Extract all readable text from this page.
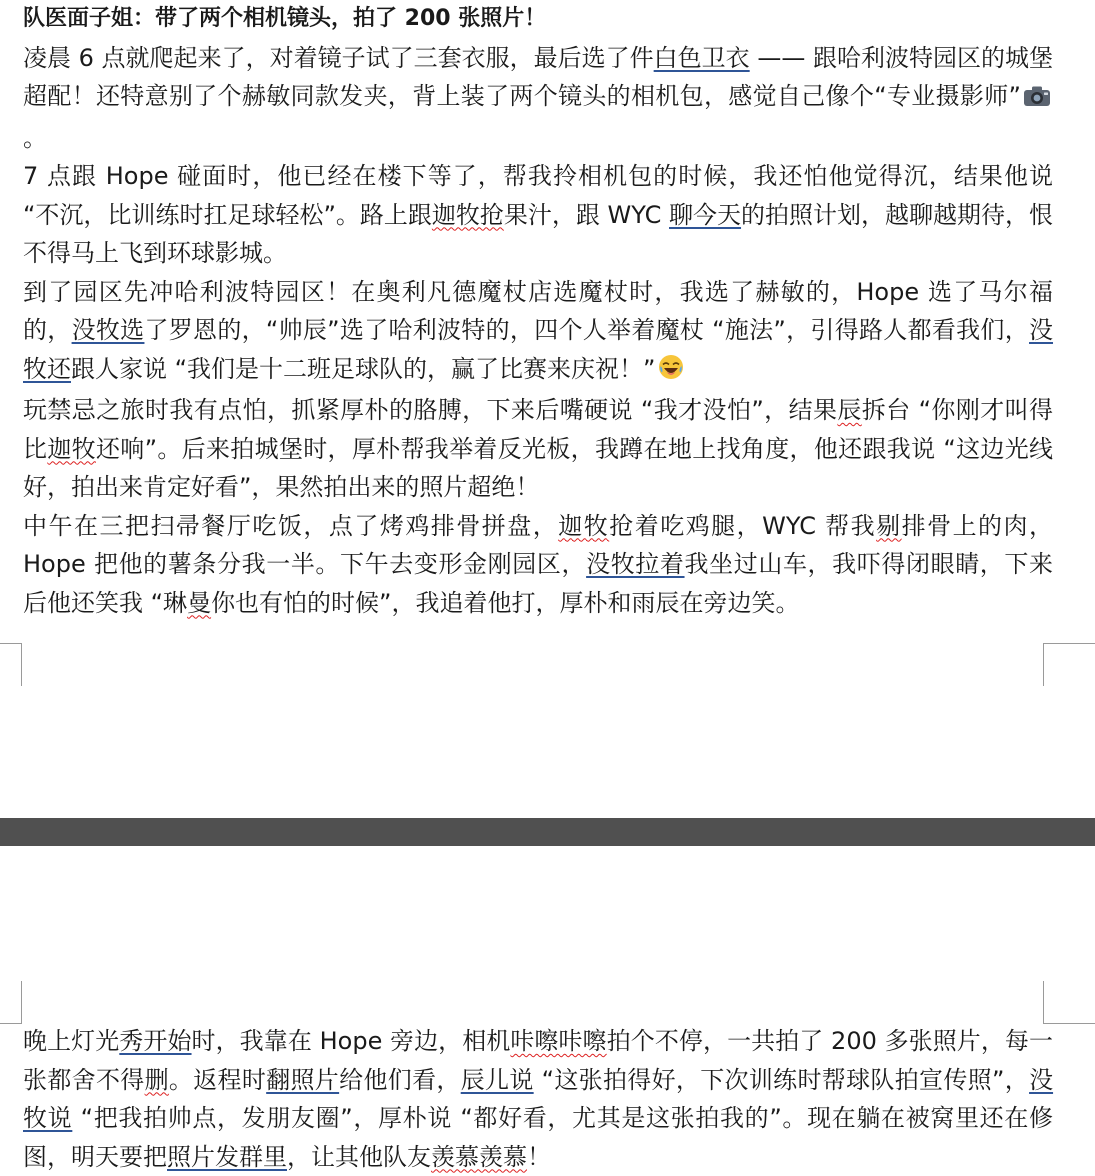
队医面子姐：带了两个相机镜头，拍了 200 张照片！

凌晨 6 点就爬起来了，对着镜子试了三套衣服，最后选了件白色卫衣 —— 跟哈利波特园区的城堡超配！还特意别了个赫敏同款发夹，背上装了两个镜头的相机包，感觉自己像个“专业摄影师”。

7 点跟 Hope 碰面时，他已经在楼下等了，帮我拎相机包的时候，我还怕他觉得沉，结果他说 “不沉，比训练时扛足球轻松”。路上跟迦牧抢果汁，跟 WYC 聊今天的拍照计划，越聊越期待，恨不得马上飞到环球影城。

到了园区先冲哈利波特园区！在奥利凡德魔杖店选魔杖时，我选了赫敏的，Hope 选了马尔福的，没牧选了罗恩的，“帅辰”选了哈利波特的，四个人举着魔杖 “施法”，引得路人都看我们，没牧还跟人家说 “我们是十二班足球队的，赢了比赛来庆祝！”

玩禁忌之旅时我有点怕，抓紧厚朴的胳膊，下来后嘴硬说 “我才没怕”，结果辰拆台 “你刚才叫得比迦牧还响”。后来拍城堡时，厚朴帮我举着反光板，我蹲在地上找角度，他还跟我说 “这边光线好，拍出来肯定好看”，果然拍出来的照片超绝！

中午在三把扫帚餐厅吃饭，点了烤鸡排骨拼盘，迦牧抢着吃鸡腿，WYC 帮我剔排骨上的肉，Hope 把他的薯条分我一半。下午去变形金刚园区，没牧拉着我坐过山车，我吓得闭眼睛，下来后他还笑我 “琳曼你也有怕的时候”，我追着他打，厚朴和雨辰在旁边笑。

晚上灯光秀开始时，我靠在 Hope 旁边，相机咔嚓咔嚓拍个不停，一共拍了 200 多张照片，每一张都舍不得删。返程时翻照片给他们看，辰儿说 “这张拍得好，下次训练时帮球队拍宣传照”，没牧说 “把我拍帅点，发朋友圈”，厚朴说 “都好看，尤其是这张拍我的”。现在躺在被窝里还在修图，明天要把照片发群里，让其他队友羡慕羡慕！
